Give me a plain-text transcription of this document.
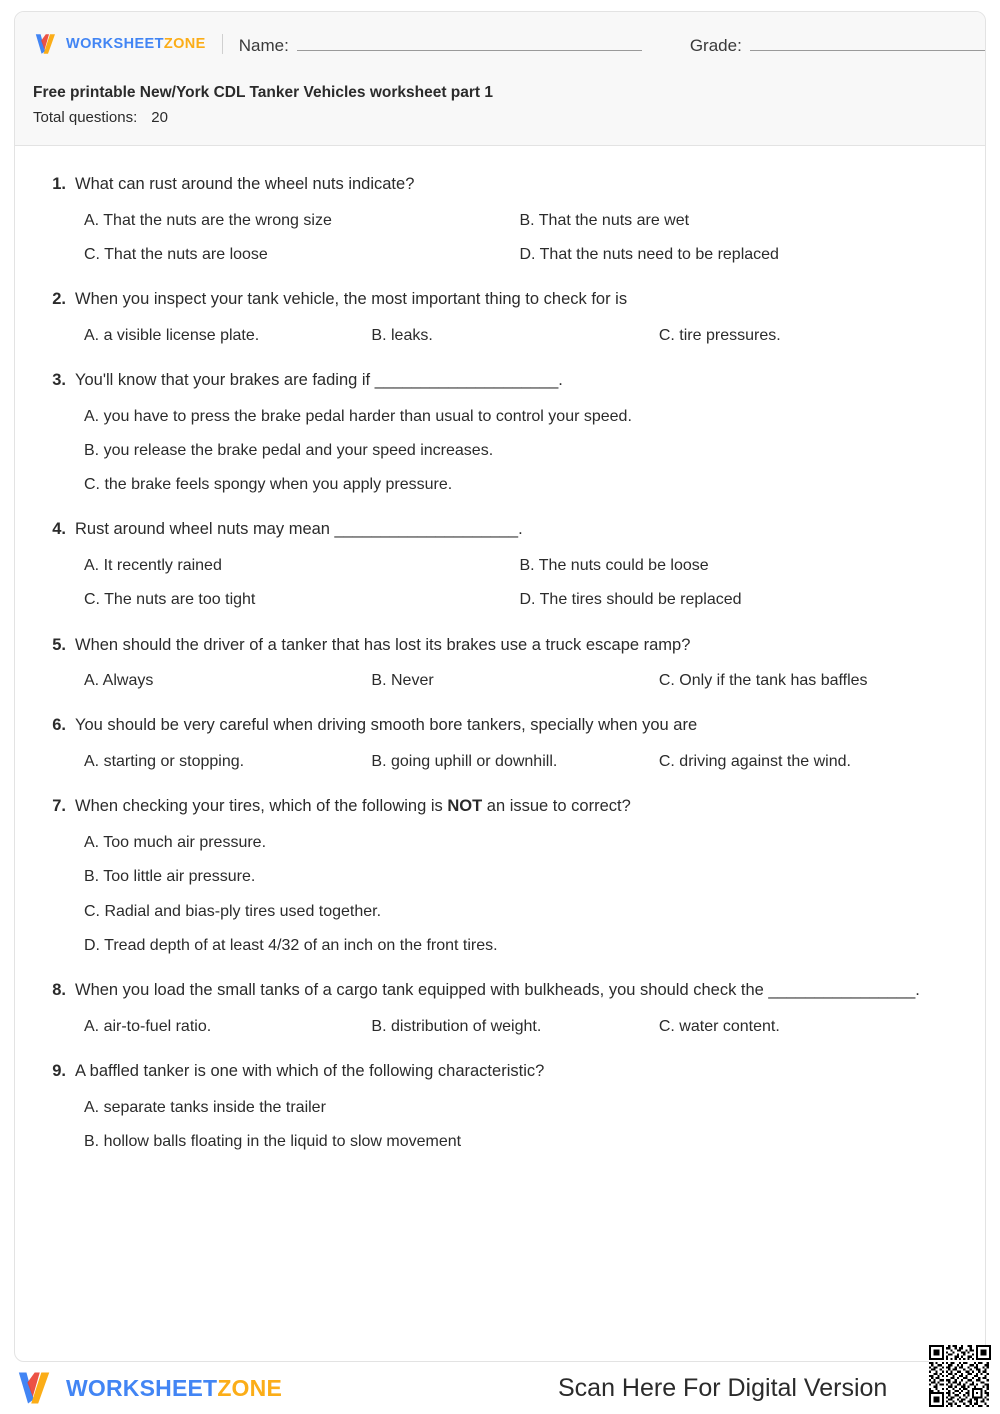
WORKSHEETZONE Name:	Grade:
Free printable New/York CDL Tanker Vehicles worksheet part 1
Total questions: 20
1. What can rust around the wheel nuts indicate?
A. That the nuts are the wrong size	B. That the nuts are wet
C. That the nuts are loose	D. That the nuts need to be replaced
2. When you inspect your tank vehicle, the most important thing to check for is
A. a visible license plate.	B. leaks.	C. tire pressures.
3. You'll know that your brakes are fading if ____________________.
A. you have to press the brake pedal harder than usual to control your speed.
B. you release the brake pedal and your speed increases.
C. the brake feels spongy when you apply pressure.
4. Rust around wheel nuts may mean ____________________.
A. It recently rained	B. The nuts could be loose
C. The nuts are too tight	D. The tires should be replaced
5. When should the driver of a tanker that has lost its brakes use a truck escape ramp?
A. Always	B. Never	C. Only if the tank has baffles
6. You should be very careful when driving smooth bore tankers, specially when you are
A. starting or stopping.	B. going uphill or downhill.	C. driving against the wind.
7. When checking your tires, which of the following is NOT an issue to correct?
A. Too much air pressure.
B. Too little air pressure.
C. Radial and bias-ply tires used together.
D. Tread depth of at least 4/32 of an inch on the front tires.
8. When you load the small tanks of a cargo tank equipped with bulkheads, you should check the ________________.
A. air-to-fuel ratio.	B. distribution of weight.	C. water content.
9. A baffled tanker is one with which of the following characteristic?
A. separate tanks inside the trailer
B. hollow balls floating in the liquid to slow movement
WORKSHEETZONE	Scan Here For Digital Version
